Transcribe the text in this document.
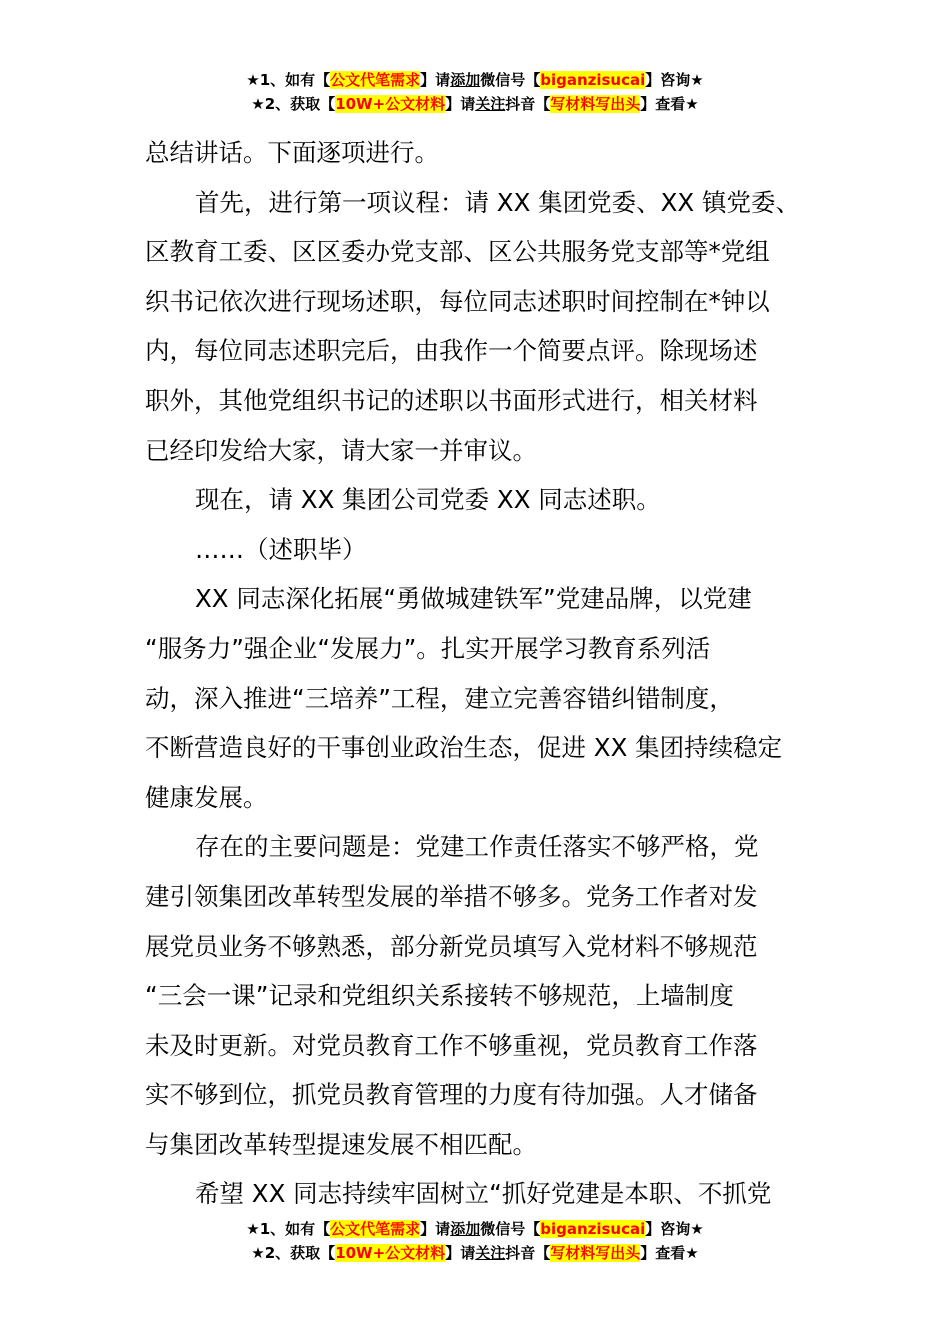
★1、如有【公文代笔需求】请添加微信号【biganzisucai】咨询★
★2、获取【10W+公文材料】请关注抖音【写材料写出头】查看★
总结讲话。下面逐项进行。
首先，进行第一项议程：请 XX 集团党委、XX 镇党委、
区教育工委、区区委办党支部、区公共服务党支部等*党组
织书记依次进行现场述职，每位同志述职时间控制在*钟以
内，每位同志述职完后，由我作一个简要点评。除现场述
职外，其他党组织书记的述职以书面形式进行，相关材料
已经印发给大家，请大家一并审议。
现在，请 XX 集团公司党委 XX 同志述职。
……（述职毕）
XX 同志深化拓展“勇做城建铁军”党建品牌，以党建
“服务力”强企业“发展力”。扎实开展学习教育系列活
动，深入推进“三培养”工程，建立完善容错纠错制度，
不断营造良好的干事创业政治生态，促进 XX 集团持续稳定
健康发展。
存在的主要问题是：党建工作责任落实不够严格，党
建引领集团改革转型发展的举措不够多。党务工作者对发
展党员业务不够熟悉，部分新党员填写入党材料不够规范
“三会一课”记录和党组织关系接转不够规范，上墙制度
未及时更新。对党员教育工作不够重视，党员教育工作落
实不够到位，抓党员教育管理的力度有待加强。人才储备
与集团改革转型提速发展不相匹配。
希望 XX 同志持续牢固树立“抓好党建是本职、不抓党
★1、如有【公文代笔需求】请添加微信号【biganzisucai】咨询★
★2、获取【10W+公文材料】请关注抖音【写材料写出头】查看★
